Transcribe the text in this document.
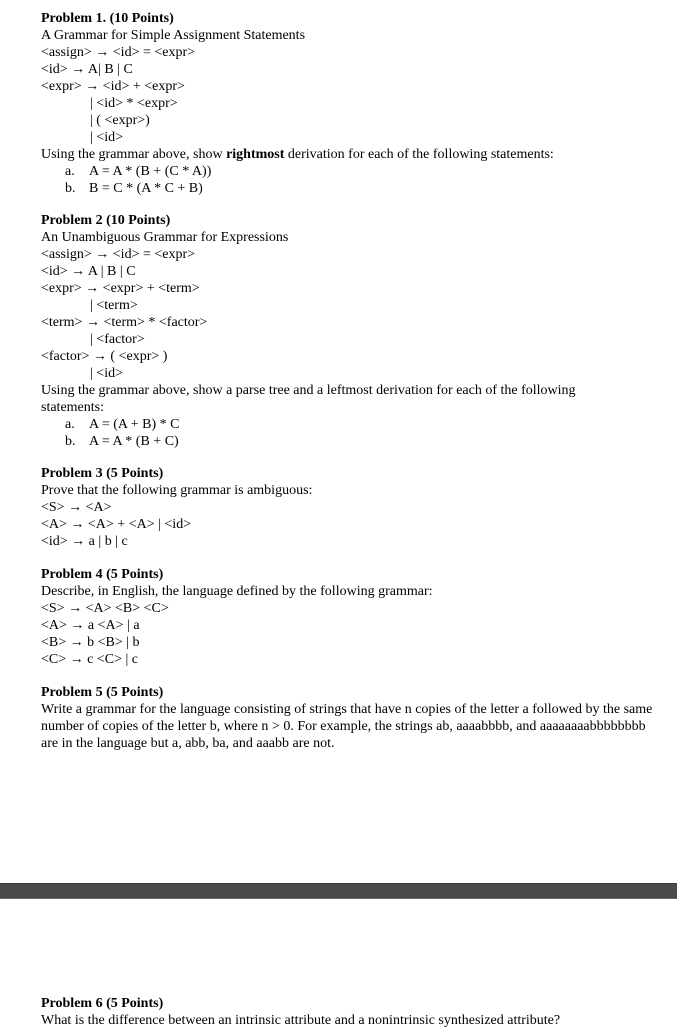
Problem 1. (10 Points)
A Grammar for Simple Assignment Statements
<assign> → <id> = <expr>
<id> → A| B | C
<expr> → <id> + <expr>
| <id> * <expr>
| ( <expr>)
| <id>
Using the grammar above, show rightmost derivation for each of the following statements:
a. A = A * (B + (C * A))
b. B = C * (A * C + B)
Problem 2 (10 Points)
An Unambiguous Grammar for Expressions
<assign> → <id> = <expr>
<id> → A | B | C
<expr> → <expr> + <term>
| <term>
<term> → <term> * <factor>
| <factor>
<factor> → ( <expr> )
| <id>
Using the grammar above, show a parse tree and a leftmost derivation for each of the following statements:
a. A = (A + B) * C
b. A = A * (B + C)
Problem 3 (5 Points)
Prove that the following grammar is ambiguous:
<S> → <A>
<A> → <A> + <A> | <id>
<id> → a | b | c
Problem 4 (5 Points)
Describe, in English, the language defined by the following grammar:
<S> → <A> <B> <C>
<A> → a <A> | a
<B> → b <B> | b
<C> → c <C> | c
Problem 5 (5 Points)
Write a grammar for the language consisting of strings that have n copies of the letter a followed by the same number of copies of the letter b, where n > 0. For example, the strings ab, aaaabbbb, and aaaaaaaabbbbbbbb are in the language but a, abb, ba, and aaabb are not.
Problem 6 (5 Points)
What is the difference between an intrinsic attribute and a nonintrinsic synthesized attribute?
